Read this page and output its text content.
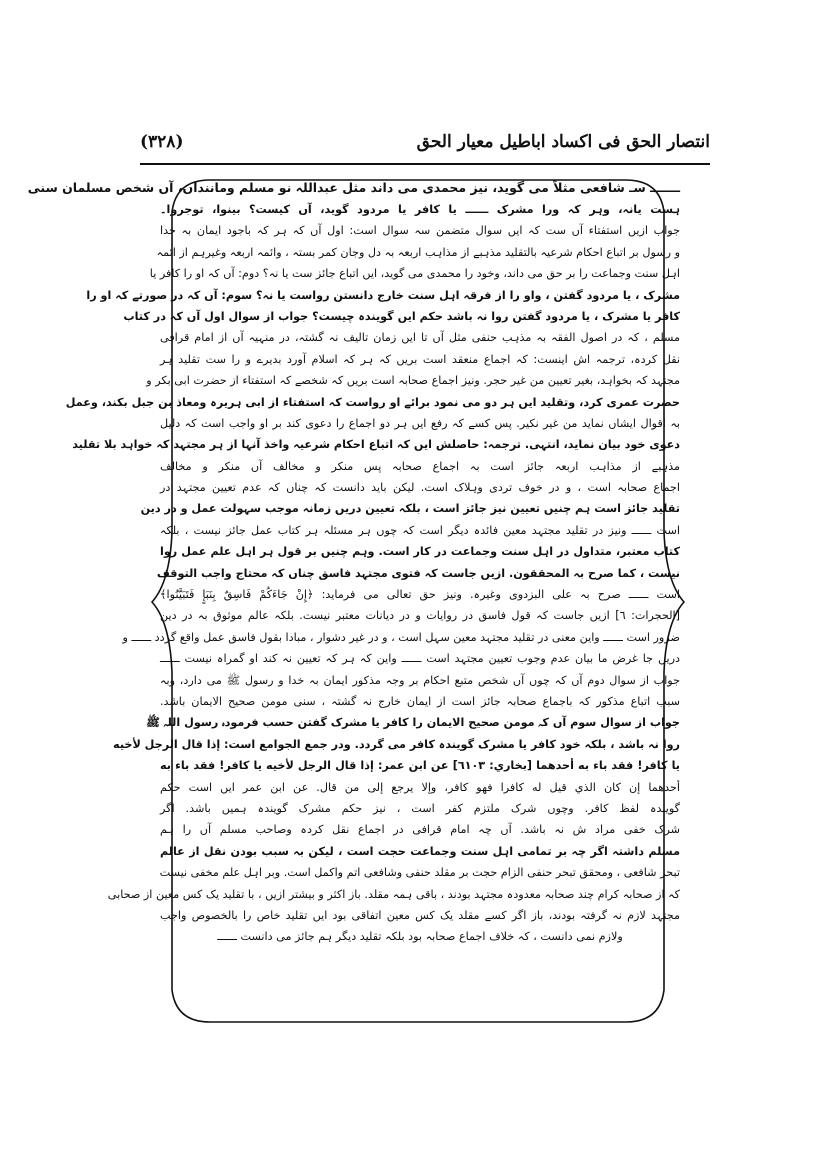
انتصار الحق فی اکساد اباطیل معیار الحق
(۳۲۸)
ـــــــ سـ شافعی مثلاً می گوید، نیز محمدی می داند مثل عبداللہ نو مسلم وماننداں، آں شخص مسلمان سنی
ہست یانہ، وہر کہ ورا مشرک ــــــ یا کافر یا مردود گوید، آں کیست؟ بینوا، توجروا۔
جواب ازیں استفتاء آں ست کہ ایں سوال متضمن سہ سوال است: اول آں کہ ہر کہ باجود ایمان بہ خدا
و رسول بر اتباع احکام شرعیہ بالتقلید مذہبے از مذاہب اربعہ بہ دل وجان کمر بستہ ، وائمہ اربعہ وغیرہم از ائمہ
اہل سنت وجماعت را بر حق می داند، وخود را محمدی می گوید، ایں اتباع جائز ست یا نہ؟ دوم: آں کہ او را کافر یا
مشرک ، یا مردود گفتن ، واو را از فرقہ اہل سنت خارج دانستن رواست یا نہ؟ سوم: آں کہ در صورتے کہ او را
کافر یا مشرک ، یا مردود گفتن روا نہ باشد حکم ایں گویندہ چیست؟ جواب از سوال اول آں کہ در کتاب
مسلم ، کہ در اصول الفقہ بہ مذہب حنفی مثل آں تا ایں زمان تالیف نہ گشتہ، در منہیہ آں از امام قرافی
نقل کردہ، ترجمہ اش اینست: کہ اجماع منعقد است بریں کہ ہر کہ اسلام آورد بدیرے و را ست تقلید ہر
مجتہد کہ بخواہد، بغیر تعیین من غیر حجر. ونیز اجماع صحابہ است بریں کہ شخصے کہ استفتاء از حضرت ابی بکر و
حضرت عمری کرد، وتقلید ایں ہر دو می نمود برائے او رواست کہ استفتاء از ابی ہریرہ ومعاذ بن جبل بکند، وعمل
بہ اقوال ایشاں نماید من غیر نکیر. پس کسے کہ رفع ایں ہر دو اجماع را دعوی کند بر او واجب است کہ دلیل
دعوی خود بیان نماید، انتہی. ترجمہ: حاصلش ایں کہ اتباع احکام شرعیہ واخذ آنہا از ہر مجتہد کہ خواہد بلا تقلید
مذہبے از مذاہب اربعہ جائز است بہ اجماع صحابہ پس منکر و مخالف آں منکر و مخالف
اجماع صحابہ است ، و در خوف تردی وہلاک است. لیکن باید دانست کہ چناں کہ عدم تعیین مجتہد در
تقلید جائز است ہم چنیں تعیین نیز جائز است ، بلکہ تعیین دریں زمانہ موجب سہولت عمل و در دین
است ــــــ ونیز در تقلید مجتہد معین فائدہ دیگر است کہ چوں ہر مسئلہ ہر کتاب عمل جائز نیست ، بلکہ
کتاب معتبر، متداول در اہل سنت وجماعت در کار است. وہم چنیں بر قول ہر اہل علم عمل روا
نیست ، کما صرح بہ المحققون. ازیں جاست کہ فتوی مجتہد فاسق چناں کہ محتاج واجب التوقف
است ــــــ صرح بہ علی البزدوی وغیرہ. ونیز حق تعالی می فرماید: ﴿إِنْ جَاءَكُمْ فَاسِقٌ بِنَبَإٍ فَتَبَيَّنُوا﴾
[الحجرات: ٦] ازیں جاست کہ قول فاسق در روایات و در دیانات معتبر نیست. بلکہ عالم موثوق بہ در دین
ضرور است ــــــ واین معنی در تقلید مجتہد معین سہل است ، و در غیر دشوار ، مبادا بقول فاسق عمل واقع گردد ــــــ و
دریں جا غرض ما بیان عدم وجوب تعیین مجتہد است ــــــ واین کہ ہر کہ تعیین نہ کند او گمراہ نیست ــــــ
جواب از سوال دوم آں کہ چوں آں شخص متبع احکام بر وجہ مذکور ایمان بہ خدا و رسول ﷺ می دارد، وبہ
سبب اتباع مذکور کہ باجماع صحابہ جائز است از ایمان خارج نہ گشتہ ، سنی مومن صحیح الایمان باشد.
جواب از سوال سوم آں کہ مومن صحیح الایمان را کافر یا مشرک گفتن حسب فرمودہ رسول اللہ ﷺ
روا نہ باشد ، بلکہ خود کافر یا مشرک گویندہ کافر می گردد. ودر جمع الجوامع است: إذا قال الرجل لأخيه
يا كافر! فقد باء به أحدهما [بخاري: ٦١٠٣] عن ابن عمر: إذا قال الرجل لأخيه يا كافر! فقد باء به
أحدهما إن كان الذي قيل له كافرا فهو كافر، وإلا يرجع إلى من قال. عن ابن عمر ایں است حکم
گویندہ لفظ کافر. وچوں شرک ملتزم کفر است ، نیز حکم مشرک گویندہ ہمیں باشد. اگر
شرک خفی مراد ش نہ باشد. آں چہ امام قرافی در اجماع نقل کردہ وصاحب مسلم آں را ہم
مسلم داشتہ اگر چہ بر تمامی اہل سنت وجماعت حجت است ، لیکن بہ سبب بودن نقل از عالم
تبحر شافعی ، ومحقق تبحر حنفی الزام حجت بر مقلد حنفی وشافعی اتم واکمل است. وبر اہل علم مخفی نیست
کہ از صحابہ کرام چند صحابہ معدودہ مجتہد بودند ، باقی ہمہ مقلد. باز اکثر و بیشتر ازیں ، با تقلید یک کس معین از صحابی
مجتہد لازم نہ گرفتہ بودند، باز اگر کسے مقلد یک کس معین اتفاقی بود ایں تقلید خاص را بالخصوص واجب
ولازم نمی دانست ، کہ خلاف اجماع صحابہ بود بلکہ تقلید دیگر ہم جائز می دانست ــــــ
